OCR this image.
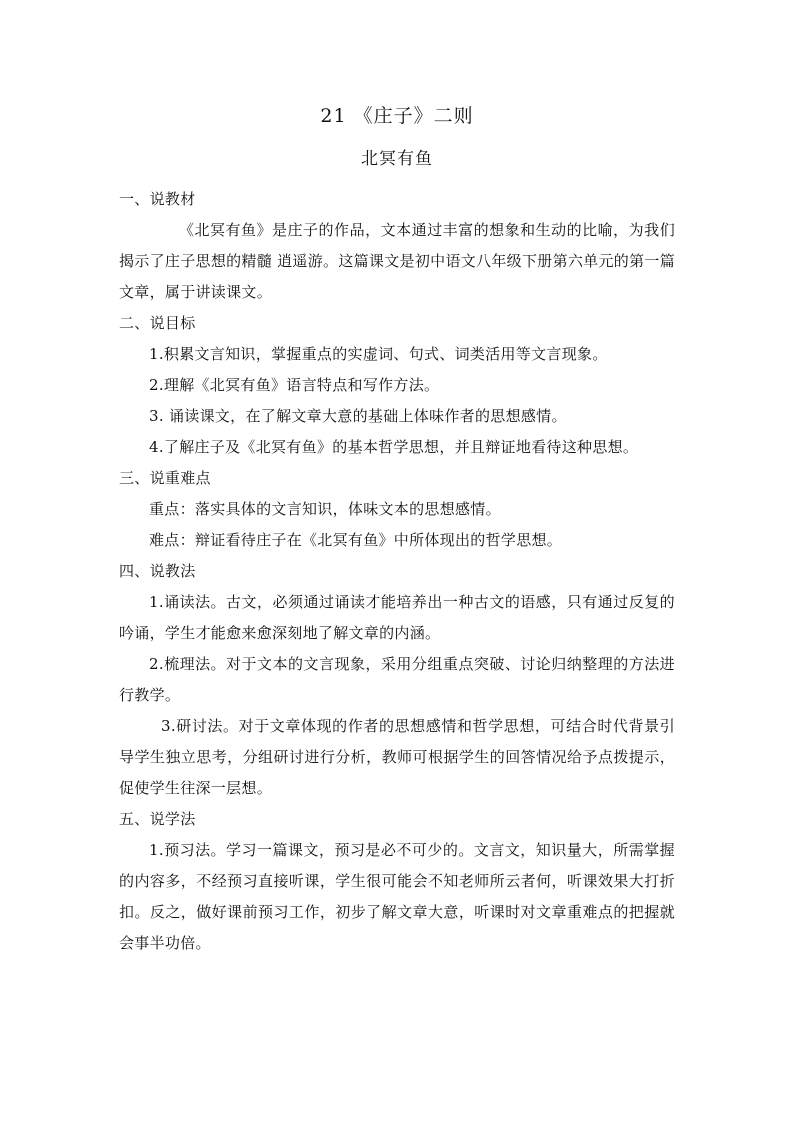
21 《庄子》二则
北冥有鱼

一、说教材

《北冥有鱼》是庄子的作品，文本通过丰富的想象和生动的比喻，为我们揭示了庄子思想的精髓 逍遥游。这篇课文是初中语文八年级下册第六单元的第一篇文章，属于讲读课文。

二、说目标

1.积累文言知识，掌握重点的实虚词、句式、词类活用等文言现象。

2.理解《北冥有鱼》语言特点和写作方法。

3. 诵读课文，在了解文章大意的基础上体味作者的思想感情。

4.了解庄子及《北冥有鱼》的基本哲学思想，并且辩证地看待这种思想。

三、说重难点

重点：落实具体的文言知识，体味文本的思想感情。

难点：辩证看待庄子在《北冥有鱼》中所体现出的哲学思想。

四、说教法

1.诵读法。古文，必须通过诵读才能培养出一种古文的语感，只有通过反复的吟诵，学生才能愈来愈深刻地了解文章的内涵。

2.梳理法。对于文本的文言现象，采用分组重点突破、讨论归纳整理的方法进行教学。

3.研讨法。对于文章体现的作者的思想感情和哲学思想，可结合时代背景引导学生独立思考，分组研讨进行分析，教师可根据学生的回答情况给予点拨提示，促使学生往深一层想。

五、说学法

1.预习法。学习一篇课文，预习是必不可少的。文言文，知识量大，所需掌握的内容多，不经预习直接听课，学生很可能会不知老师所云者何，听课效果大打折扣。反之，做好课前预习工作，初步了解文章大意，听课时对文章重难点的把握就会事半功倍。
